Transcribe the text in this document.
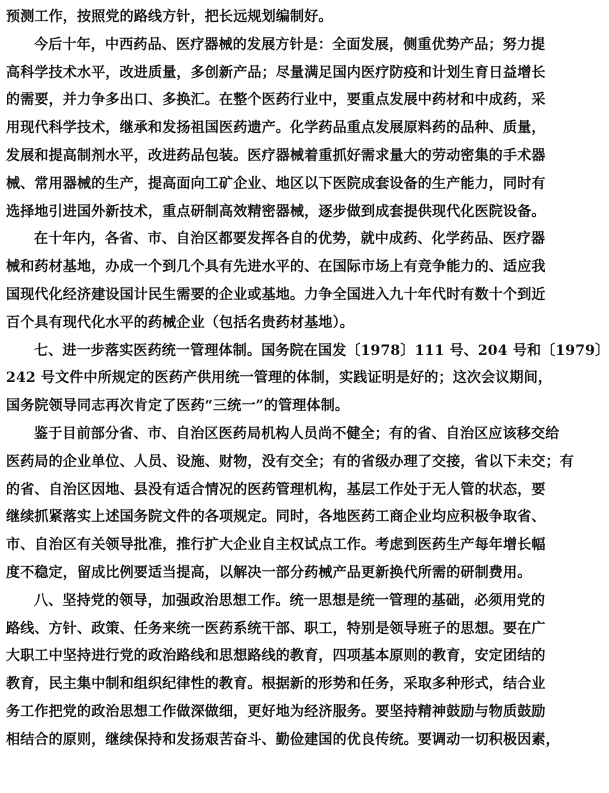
预测工作，按照党的路线方针，把长远规划编制好。
今后十年，中西药品、医疗器械的发展方针是：全面发展，侧重优势产品；努力提
高科学技术水平，改进质量，多创新产品；尽量满足国内医疗防疫和计划生育日益增长
的需要，并力争多出口、多换汇。在整个医药行业中，要重点发展中药材和中成药，采
用现代科学技术，继承和发扬祖国医药遗产。化学药品重点发展原料药的品种、质量，
发展和提高制剂水平，改进药品包装。医疗器械着重抓好需求量大的劳动密集的手术器
械、常用器械的生产，提高面向工矿企业、地区以下医院成套设备的生产能力，同时有
选择地引进国外新技术，重点研制高效精密器械，逐步做到成套提供现代化医院设备。
在十年内，各省、市、自治区都要发挥各自的优势，就中成药、化学药品、医疗器
械和药材基地，办成一个到几个具有先进水平的、在国际市场上有竞争能力的、适应我
国现代化经济建设国计民生需要的企业或基地。力争全国进入九十年代时有数十个到近
百个具有现代化水平的药械企业（包括名贵药材基地）。
七、进一步落实医药统一管理体制。国务院在国发〔1978〕111 号、204 号和〔1979〕
242 号文件中所规定的医药产供用统一管理的体制，实践证明是好的；这次会议期间，
国务院领导同志再次肯定了医药“三统一”的管理体制。
鉴于目前部分省、市、自治区医药局机构人员尚不健全；有的省、自治区应该移交给
医药局的企业单位、人员、设施、财物，没有交全；有的省级办理了交接，省以下未交；有
的省、自治区因地、县没有适合情况的医药管理机构，基层工作处于无人管的状态，要
继续抓紧落实上述国务院文件的各项规定。同时，各地医药工商企业均应积极争取省、
市、自治区有关领导批准，推行扩大企业自主权试点工作。考虑到医药生产每年增长幅
度不稳定，留成比例要适当提高，以解决一部分药械产品更新换代所需的研制费用。
八、坚持党的领导，加强政治思想工作。统一思想是统一管理的基础，必须用党的
路线、方针、政策、任务来统一医药系统干部、职工，特别是领导班子的思想。要在广
大职工中坚持进行党的政治路线和思想路线的教育，四项基本原则的教育，安定团结的
教育，民主集中制和组织纪律性的教育。根据新的形势和任务，采取多种形式，结合业
务工作把党的政治思想工作做深做细，更好地为经济服务。要坚持精神鼓励与物质鼓励
相结合的原则，继续保持和发扬艰苦奋斗、勤俭建国的优良传统。要调动一切积极因素，
